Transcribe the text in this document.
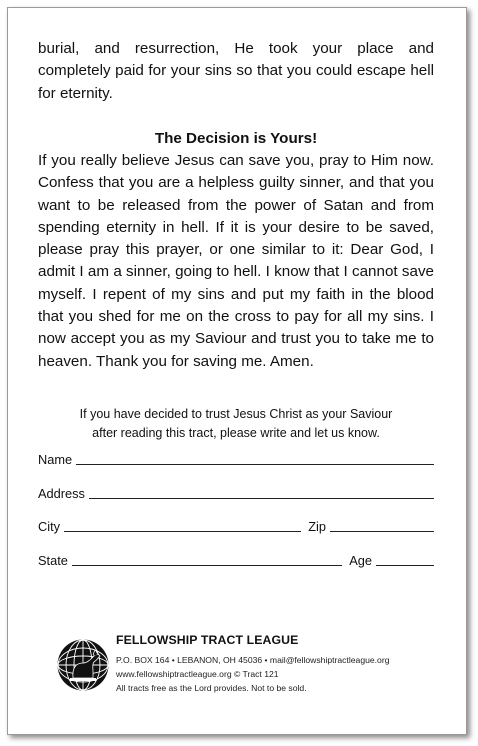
burial, and resurrection, He took your place and completely paid for your sins so that you could escape hell for eternity.

The Decision is Yours!

If you really believe Jesus can save you, pray to Him now. Confess that you are a helpless guilty sinner, and that you want to be released from the power of Satan and from spending eternity in hell. If it is your desire to be saved, please pray this prayer, or one similar to it: Dear God, I admit I am a sinner, going to hell. I know that I cannot save myself. I repent of my sins and put my faith in the blood that you shed for me on the cross to pay for all my sins. I now accept you as my Saviour and trust you to take me to heaven. Thank you for saving me. Amen.

If you have decided to trust Jesus Christ as your Saviour
after reading this tract, please write and let us know.
Name
Address
City	Zip
State	Age
FELLOWSHIP TRACT LEAGUE
P.O. BOX 164 • LEBANON, OH 45036 • mail@fellowshiptractleague.org
www.fellowshiptractleague.org © Tract 121
All tracts free as the Lord provides. Not to be sold.
